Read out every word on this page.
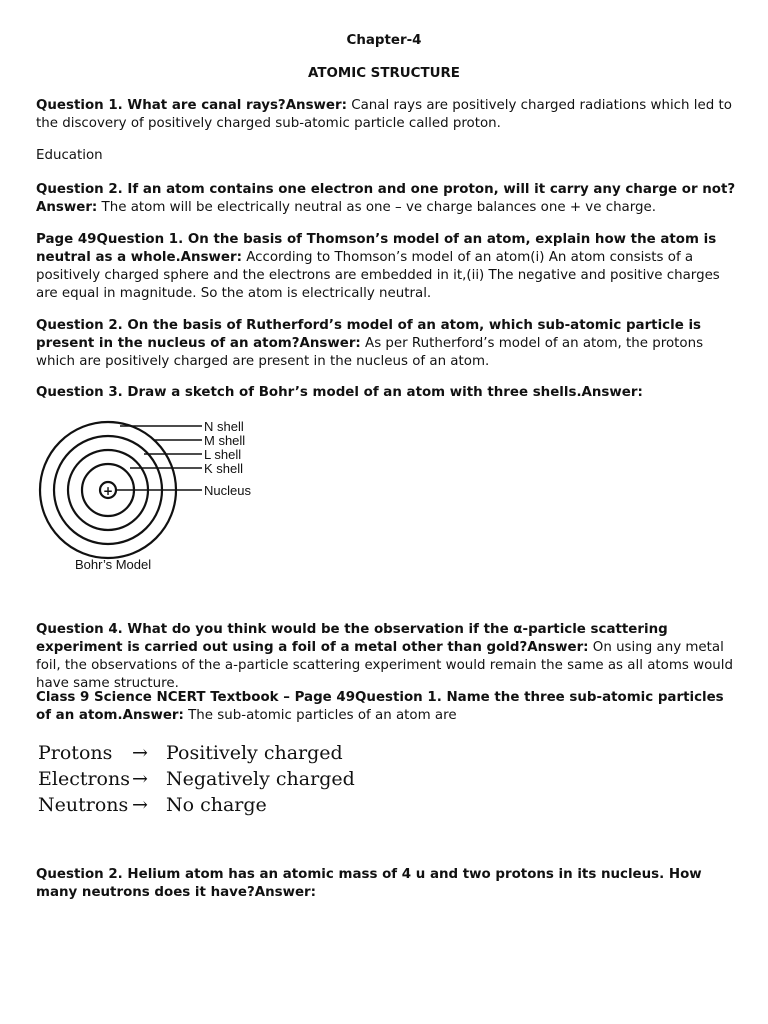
Chapter-4
ATOMIC STRUCTURE
Question 1. What are canal rays?Answer: Canal rays are positively charged radiations which led to the discovery of positively charged sub-atomic particle called proton.
Education
Question 2. If an atom contains one electron and one proton, will it carry any charge or not?
Answer: The atom will be electrically neutral as one – ve charge balances one + ve charge.
Page 49Question 1. On the basis of Thomson’s model of an atom, explain how the atom is neutral as a whole.Answer: According to Thomson’s model of an atom(i) An atom consists of a positively charged sphere and the electrons are embedded in it,(ii) The negative and positive charges are equal in magnitude. So the atom is electrically neutral.
Question 2. On the basis of Rutherford’s model of an atom, which sub-atomic particle is present in the nucleus of an atom?Answer: As per Rutherford’s model of an atom, the protons which are positively charged are present in the nucleus of an atom.
Question 3. Draw a sketch of Bohr’s model of an atom with three shells.Answer:
+
N shell
M shell
L shell
K shell
Nucleus
Bohr’s Model
Question 4. What do you think would be the observation if the α-particle scattering experiment is carried out using a foil of a metal other than gold?Answer: On using any metal foil, the observations of the a-particle scattering experiment would remain the same as all atoms would have same structure.
Class 9 Science NCERT Textbook – Page 49Question 1. Name the three sub-atomic particles of an atom.Answer: The sub-atomic particles of an atom are
Protons	→ Positively charged
Electrons → Negatively charged
Neutrons → No charge
Question 2. Helium atom has an atomic mass of 4 u and two protons in its nucleus. How many neutrons does it have?Answer:
